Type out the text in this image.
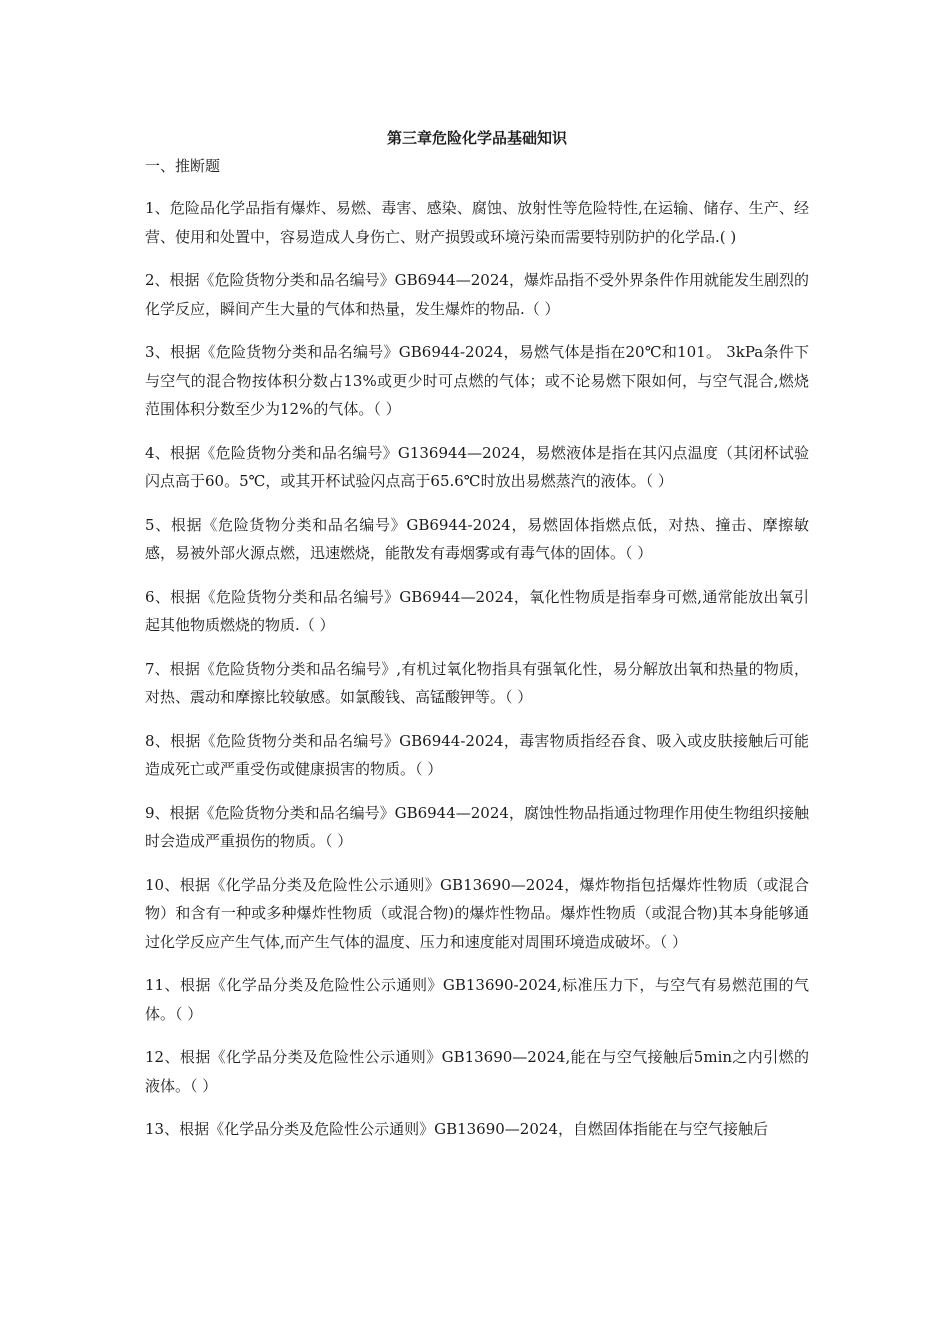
第三章危险化学品基础知识

一、推断题

1、危险品化学品指有爆炸、易燃、毒害、感染、腐蚀、放射性等危险特性,在运输、储存、生产、经营、使用和处置中，容易造成人身伤亡、财产损毁或环境污染而需要特别防护的化学品.( )

2、根据《危险货物分类和品名编号》GB6944—2024，爆炸品指不受外界条件作用就能发生剧烈的化学反应，瞬间产生大量的气体和热量，发生爆炸的物品.（ ）

3、根据《危险货物分类和品名编号》GB6944-2024，易燃气体是指在20℃和101。 3kPa条件下与空气的混合物按体积分数占13%或更少时可点燃的气体；或不论易燃下限如何，与空气混合,燃烧范围体积分数至少为12%的气体。（ ）

4、根据《危险货物分类和品名编号》G136944—2024，易燃液体是指在其闪点温度（其闭杯试验闪点高于60。5℃，或其开杯试验闪点高于65.6℃时放出易燃蒸汽的液体。（ ）

5、根据《危险货物分类和品名编号》GB6944-2024，易燃固体指燃点低，对热、撞击、摩擦敏感，易被外部火源点燃，迅速燃烧，能散发有毒烟雾或有毒气体的固体。（ ）

6、根据《危险货物分类和品名编号》GB6944—2024，氧化性物质是指奉身可燃,通常能放出氧引起其他物质燃烧的物质.（ ）

7、根据《危险货物分类和品名编号》,有机过氧化物指具有强氧化性，易分解放出氧和热量的物质，对热、震动和摩擦比较敏感。如氯酸钱、高锰酸钾等。（ ）

8、根据《危险货物分类和品名编号》GB6944-2024，毒害物质指经吞食、吸入或皮肤接触后可能造成死亡或严重受伤或健康损害的物质。（ ）

9、根据《危险货物分类和品名编号》GB6944—2024，腐蚀性物品指通过物理作用使生物组织接触时会造成严重损伤的物质。（ ）

10、根据《化学品分类及危险性公示通则》GB13690—2024，爆炸物指包括爆炸性物质（或混合物）和含有一种或多种爆炸性物质（或混合物)的爆炸性物品。爆炸性物质（或混合物)其本身能够通过化学反应产生气体,而产生气体的温度、压力和速度能对周围环境造成破坏。（ ）

11、根据《化学品分类及危险性公示通则》GB13690-2024,标准压力下，与空气有易燃范围的气体。（ ）

12、根据《化学品分类及危险性公示通则》GB13690—2024,能在与空气接触后5min之内引燃的液体。（ ）

13、根据《化学品分类及危险性公示通则》GB13690—2024，自燃固体指能在与空气接触后
